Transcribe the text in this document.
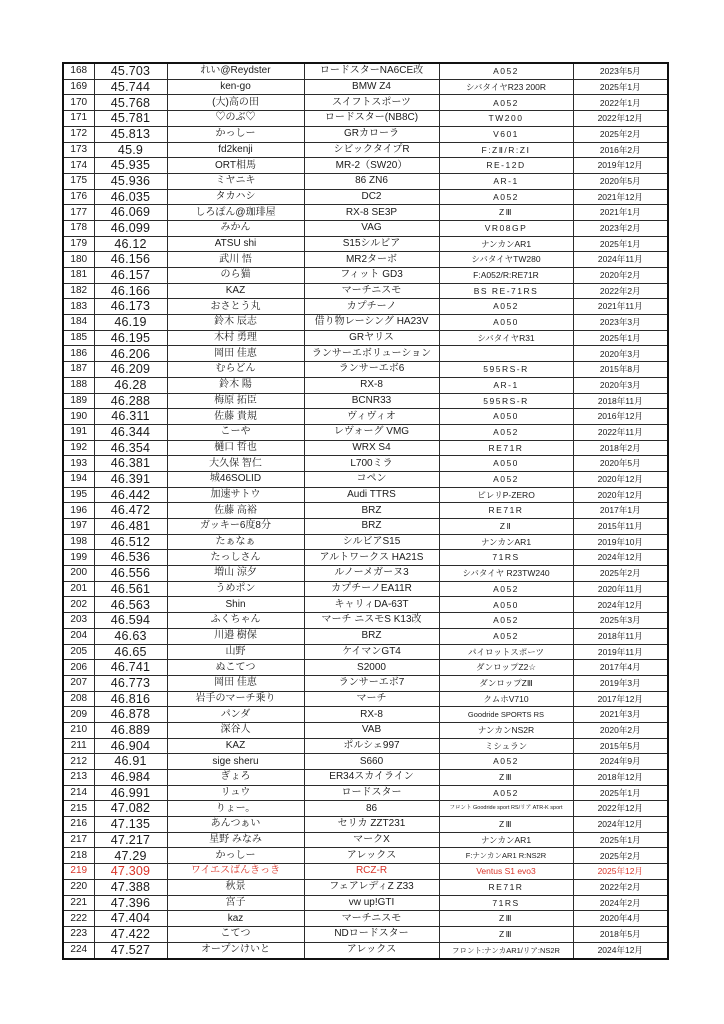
168	45.703	れい@Reydster	ロードスターNA6CE改	A052	2023年5月
169	45.744	ken-go	BMW Z4	シバタイヤR23 200R	2025年1月
170	45.768	(大)高の田	スイフトスポーツ	A052	2022年1月
171	45.781	♡のぶ♡	ロードスター(NB8C)	TW200	2022年12月
172	45.813	かっしー	GRカローラ	V601	2025年2月
173	45.9	fd2kenji	シビックタイプR	F:ZⅡ/R:ZⅠ	2016年2月
174	45.935	ORT相馬	MR-2（SW20）	RE-12D	2019年12月
175	45.936	ミヤニキ	86 ZN6	AR-1	2020年5月
176	46.035	タカハシ	DC2	A052	2021年12月
177	46.069	しろぽん@珈琲屋	RX-8 SE3P	ZⅢ	2021年1月
178	46.099	みかん	VAG	VR08GP	2023年2月
179	46.12	ATSU shi	S15シルビア	ナンカンAR1	2025年1月
180	46.156	武川 悟	MR2ターボ	シバタイヤTW280	2024年11月
181	46.157	のら猫	フィット GD3	F:A052/R:RE71R	2020年2月
182	46.166	KAZ	マーチニスモ	BS RE-71RS	2022年2月
183	46.173	おさとう丸	カプチーノ	A052	2021年11月
184	46.19	鈴木 辰志	借り物レーシング HA23V	A050	2023年3月
185	46.195	木村 勇理	GRヤリス	シバタイヤR31	2025年1月
186	46.206	岡田 佳恵	ランサーエボリューション		2020年3月
187	46.209	むらどん	ランサーエボ6	595RS-R	2015年8月
188	46.28	鈴木 陽	RX-8	AR-1	2020年3月
189	46.288	梅原 拓臣	BCNR33	595RS-R	2018年11月
190	46.311	佐藤 貴規	ヴィヴィオ	A050	2016年12月
191	46.344	こーや	レヴォーグ VMG	A052	2022年11月
192	46.354	樋口 哲也	WRX S4	RE71R	2018年2月
193	46.381	大久保 智仁	L700ミラ	A050	2020年5月
194	46.391	城46SOLID	コペン	A052	2020年12月
195	46.442	加速サトウ	Audi TTRS	ピレリP-ZERO	2020年12月
196	46.472	佐藤 高裕	BRZ	RE71R	2017年1月
197	46.481	ガッキー6度8分	BRZ	ZⅡ	2015年11月
198	46.512	たぁなぁ	シルビアS15	ナンカンAR1	2019年10月
199	46.536	たっしさん	アルトワークス HA21S	71RS	2024年12月
200	46.556	増山 涼夕	ルノーメガーヌ3	シバタイヤ R23TW240	2025年2月
201	46.561	うめポン	カプチーノEA11R	A052	2020年11月
202	46.563	Shin	キャリィDA-63T	A050	2024年12月
203	46.594	ふくちゃん	マーチ ニスモS K13改	A052	2025年3月
204	46.63	川邉 樹保	BRZ	A052	2018年11月
205	46.65	山野	ケイマンGT4	パイロットスポーツ	2019年11月
206	46.741	ぬこてつ	S2000	ダンロップZ2☆	2017年4月
207	46.773	岡田 佳恵	ランサーエボ7	ダンロップZⅢ	2019年3月
208	46.816	岩手のマーチ乗り	マーチ	クムホV710	2017年12月
209	46.878	パンダ	RX-8	Goodride SPORTS RS	2021年3月
210	46.889	深谷人	VAB	ナンカンNS2R	2020年2月
211	46.904	KAZ	ポルシェ997	ミシュラン	2015年5月
212	46.91	sige sheru	S660	A052	2024年9月
213	46.984	ぎょろ	ER34スカイライン	ZⅢ	2018年12月
214	46.991	リュウ	ロードスター	A052	2025年1月
215	47.082	りょー。	86	フロント Goodride sport RS/リア ATR-K sport	2022年12月
216	47.135	あんつぁい	セリカ ZZT231	ZⅢ	2024年12月
217	47.217	星野 みなみ	マークX	ナンカンAR1	2025年1月
218	47.29	かっしー	アレックス	F:ナンカンAR1 R:NS2R	2025年2月
219	47.309	ワイエスばんきっき	RCZ-R	Ventus S1 evo3	2025年12月
220	47.388	秋景	フェアレディZ Z33	RE71R	2022年2月
221	47.396	宮子	vw up!GTI	71RS	2024年2月
222	47.404	kaz	マーチニスモ	ZⅢ	2020年4月
223	47.422	こてつ	NDロードスター	ZⅢ	2018年5月
224	47.527	オープンけいと	アレックス	フロント:ナンカAR1/リア:NS2R	2024年12月
